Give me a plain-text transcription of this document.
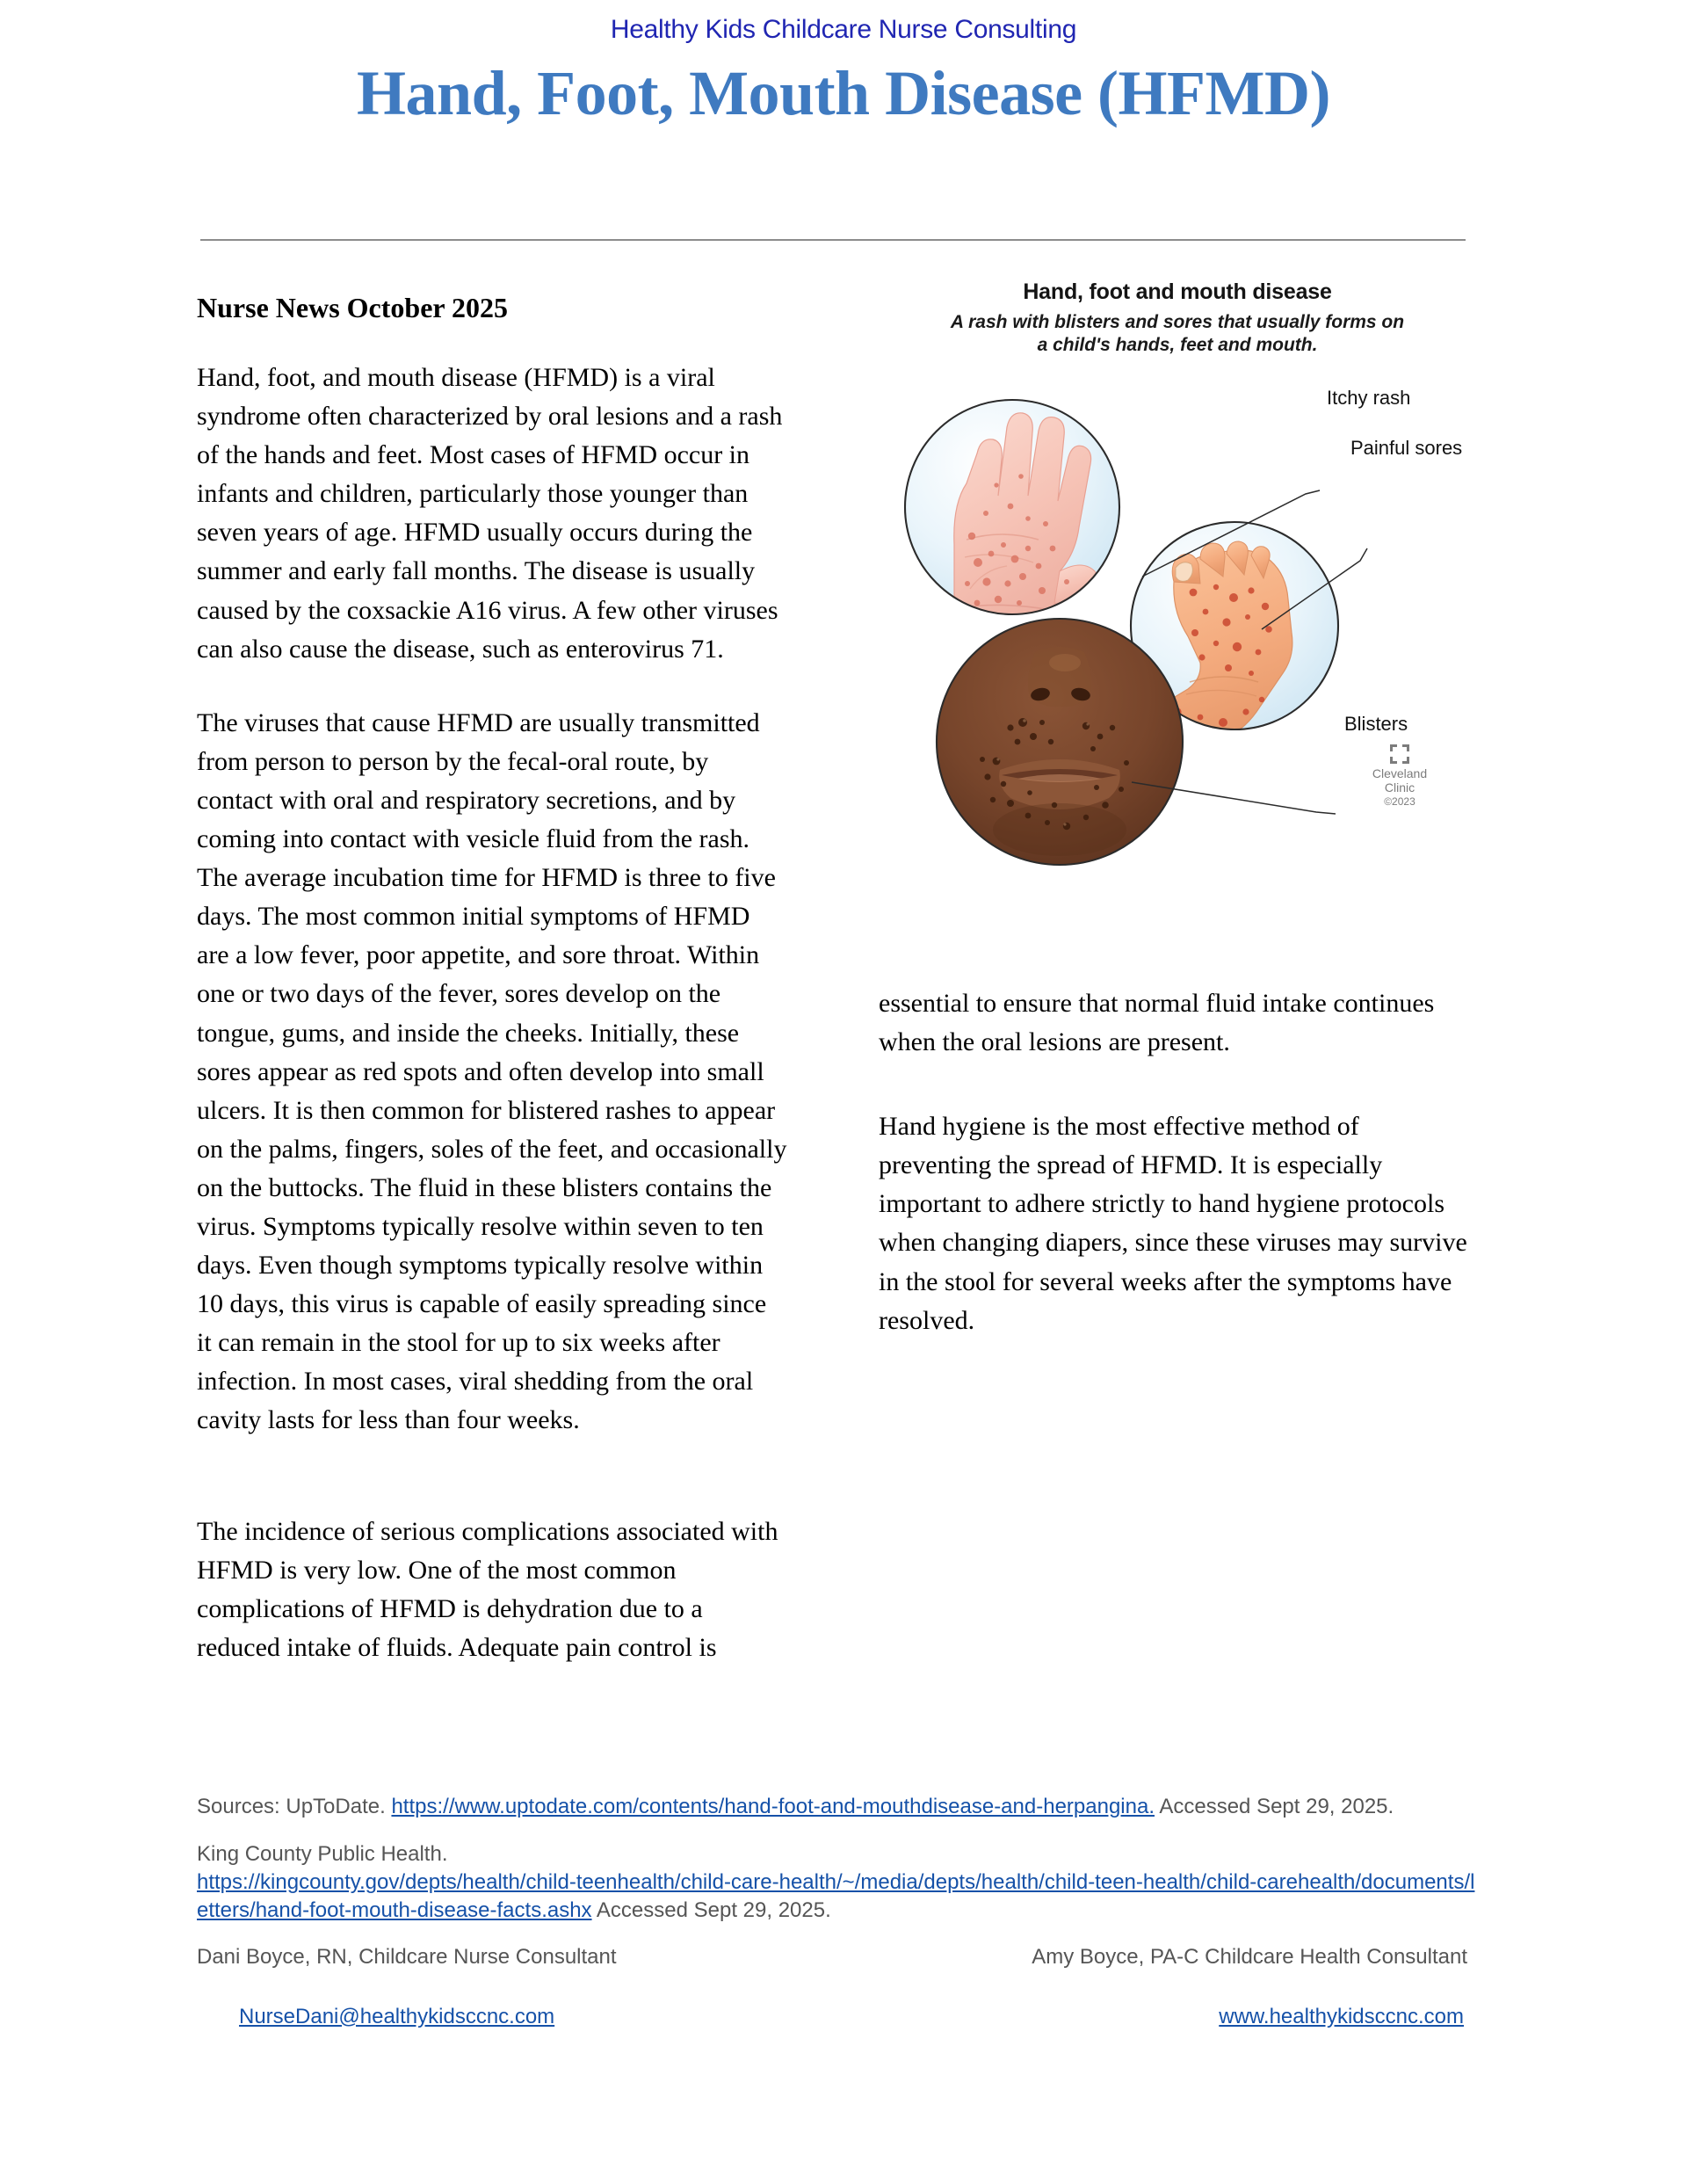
Healthy Kids Childcare Nurse Consulting
Hand, Foot, Mouth Disease (HFMD)
Nurse News October 2025

Hand, foot, and mouth disease (HFMD) is a viral syndrome often characterized by oral lesions and a rash of the hands and feet. Most cases of HFMD occur in infants and children, particularly those younger than seven years of age. HFMD usually occurs during the summer and early fall months. The disease is usually caused by the coxsackie A16 virus. A few other viruses can also cause the disease, such as enterovirus 71.

The viruses that cause HFMD are usually transmitted from person to person by the fecal-oral route, by contact with oral and respiratory secretions, and by coming into contact with vesicle fluid from the rash. The average incubation time for HFMD is three to five days. The most common initial symptoms of HFMD are a low fever, poor appetite, and sore throat. Within one or two days of the fever, sores develop on the tongue, gums, and inside the cheeks. Initially, these sores appear as red spots and often develop into small ulcers. It is then common for blistered rashes to appear on the palms, fingers, soles of the feet, and occasionally on the buttocks. The fluid in these blisters contains the virus. Symptoms typically resolve within seven to ten days. Even though symptoms typically resolve within 10 days, this virus is capable of easily spreading since it can remain in the stool for up to six weeks after infection. In most cases, viral shedding from the oral cavity lasts for less than four weeks.

The incidence of serious complications associated with HFMD is very low. One of the most common complications of HFMD is dehydration due to a reduced intake of fluids. Adequate pain control is

Hand, foot and mouth disease
A rash with blisters and sores that usually forms on a child's hands, feet and mouth.
Itchy rash
Painful sores
Blisters
Cleveland
Clinic
©2023

essential to ensure that normal fluid intake continues when the oral lesions are present.

Hand hygiene is the most effective method of preventing the spread of HFMD. It is especially important to adhere strictly to hand hygiene protocols when changing diapers, since these viruses may survive in the stool for several weeks after the symptoms have resolved.

Sources: UpToDate. https://www.uptodate.com/contents/hand-foot-and-mouthdisease-and-herpangina. Accessed Sept 29, 2025.
King County Public Health.
https://kingcounty.gov/depts/health/child-teenhealth/child-care-health/~/media/depts/health/child-teen-health/child-carehealth/documents/letters/hand-foot-mouth-disease-facts.ashx Accessed Sept 29, 2025.
Dani Boyce, RN, Childcare Nurse Consultant	Amy Boyce, PA-C Childcare Health Consultant
NurseDani@healthykidsccnc.com	www.healthykidsccnc.com
